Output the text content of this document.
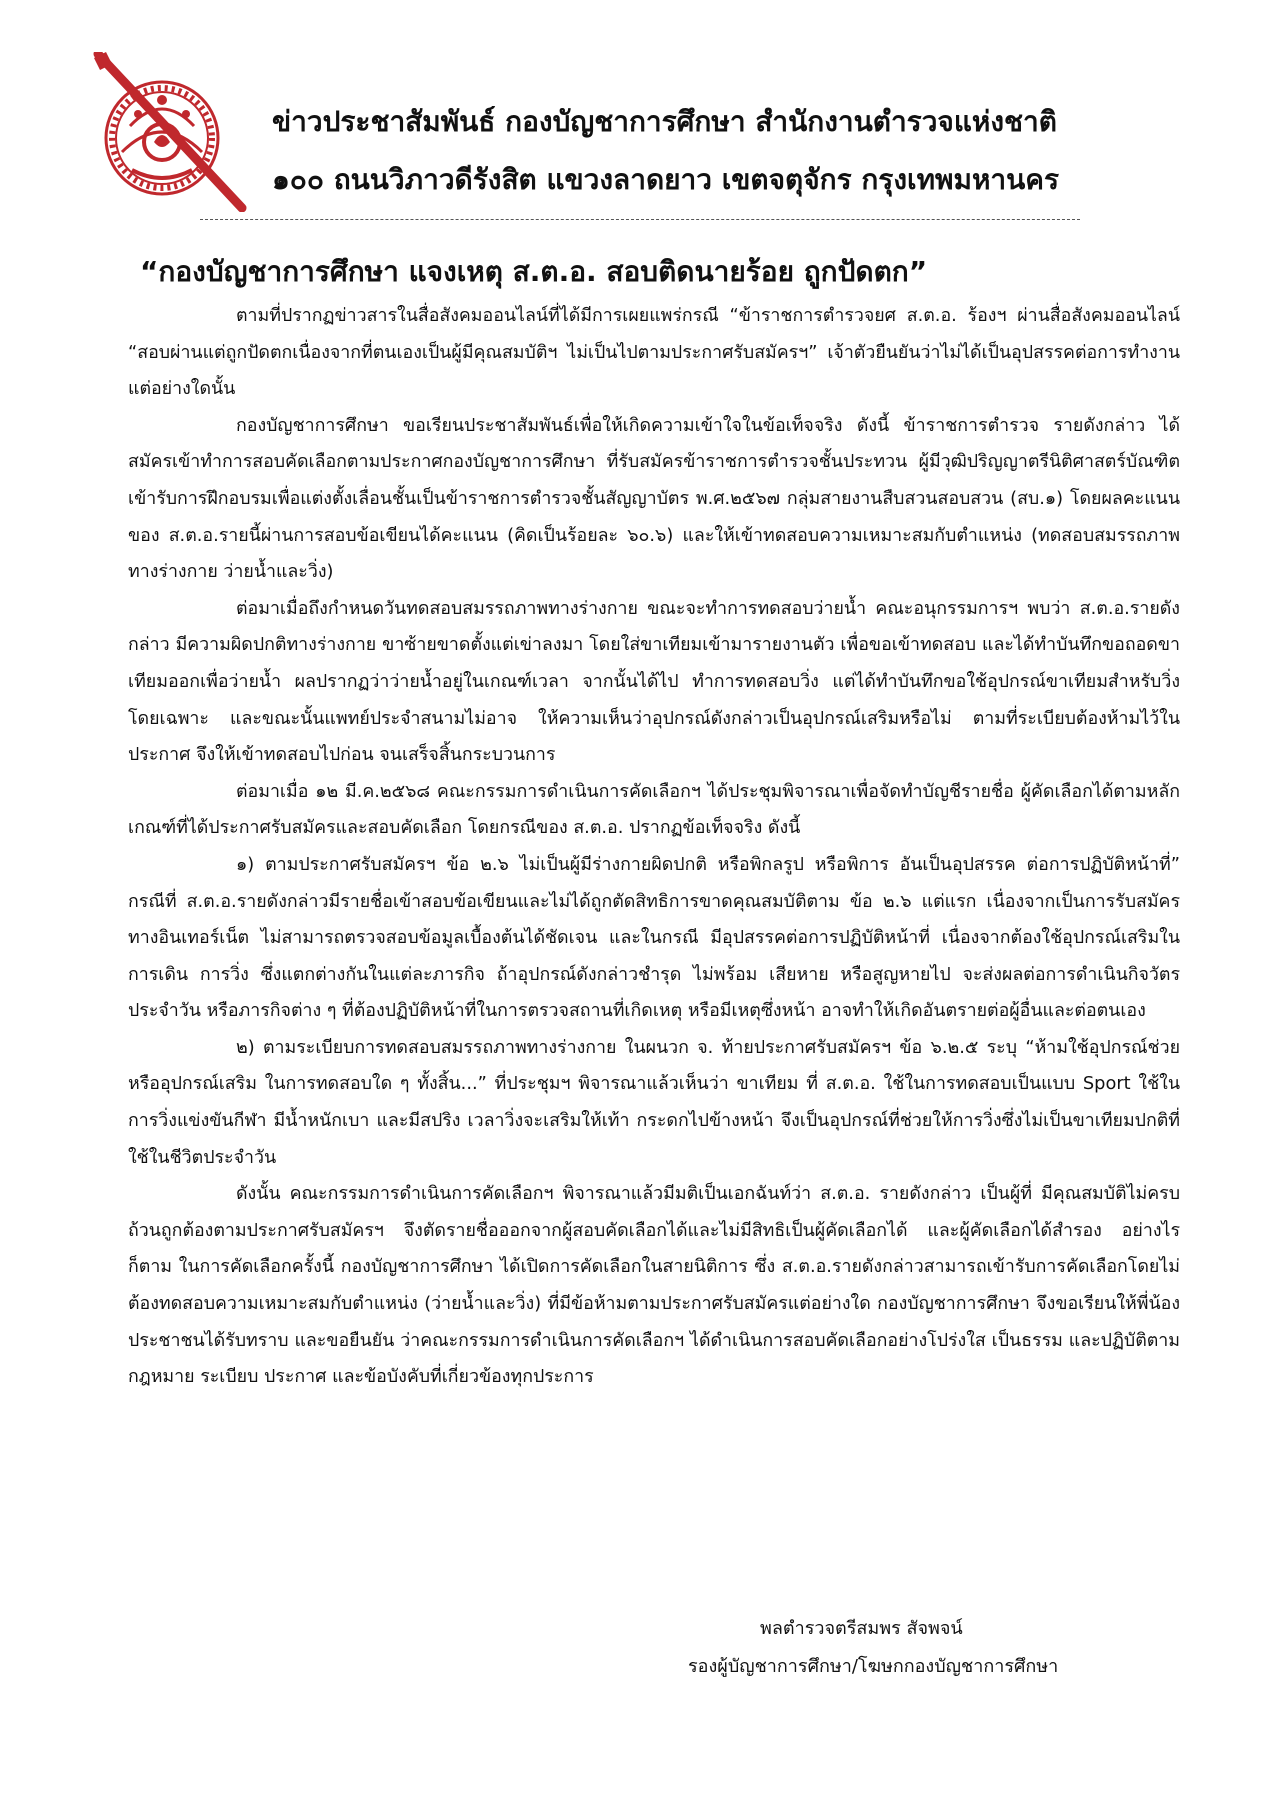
ข่าวประชาสัมพันธ์ กองบัญชาการศึกษา สำนักงานตำรวจแห่งชาติ
๑๐๐ ถนนวิภาวดีรังสิต แขวงลาดยาว เขตจตุจักร กรุงเทพมหานคร
“กองบัญชาการศึกษา แจงเหตุ ส.ต.อ. สอบติดนายร้อย ถูกปัดตก”

ตามที่ปรากฏข่าวสารในสื่อสังคมออนไลน์ที่ได้มีการเผยแพร่กรณี “ข้าราชการตำรวจยศ ส.ต.อ. ร้องฯ ผ่านสื่อสังคมออนไลน์ “สอบผ่านแต่ถูกปัดตกเนื่องจากที่ตนเองเป็นผู้มีคุณสมบัติฯ ไม่เป็นไปตามประกาศรับสมัครฯ” เจ้าตัวยืนยันว่าไม่ได้เป็นอุปสรรคต่อการทำงานแต่อย่างใดนั้น

กองบัญชาการศึกษา ขอเรียนประชาสัมพันธ์เพื่อให้เกิดความเข้าใจในข้อเท็จจริง ดังนี้ ข้าราชการตำรวจ รายดังกล่าว ได้สมัครเข้าทำการสอบคัดเลือกตามประกาศกองบัญชาการศึกษา ที่รับสมัครข้าราชการตำรวจชั้นประทวน ผู้มีวุฒิปริญญาตรีนิติศาสตร์บัณฑิต เข้ารับการฝึกอบรมเพื่อแต่งตั้งเลื่อนชั้นเป็นข้าราชการตำรวจชั้นสัญญาบัตร พ.ศ.๒๕๖๗ กลุ่มสายงานสืบสวนสอบสวน (สบ.๑) โดยผลคะแนนของ ส.ต.อ.รายนี้ผ่านการสอบข้อเขียนได้คะแนน (คิดเป็นร้อยละ ๖๐.๖) และให้เข้าทดสอบความเหมาะสมกับตำแหน่ง (ทดสอบสมรรถภาพทางร่างกาย ว่ายน้ำและวิ่ง)

ต่อมาเมื่อถึงกำหนดวันทดสอบสมรรถภาพทางร่างกาย ขณะจะทำการทดสอบว่ายน้ำ คณะอนุกรรมการฯ พบว่า ส.ต.อ.รายดังกล่าว มีความผิดปกติทางร่างกาย ขาซ้ายขาดตั้งแต่เข่าลงมา โดยใส่ขาเทียมเข้ามารายงานตัว เพื่อขอเข้าทดสอบ และได้ทำบันทึกขอถอดขาเทียมออกเพื่อว่ายน้ำ ผลปรากฏว่าว่ายน้ำอยู่ในเกณฑ์เวลา จากนั้นได้ไป ทำการทดสอบวิ่ง แต่ได้ทำบันทึกขอใช้อุปกรณ์ขาเทียมสำหรับวิ่งโดยเฉพาะ และขณะนั้นแพทย์ประจำสนามไม่อาจ ให้ความเห็นว่าอุปกรณ์ดังกล่าวเป็นอุปกรณ์เสริมหรือไม่ ตามที่ระเบียบต้องห้ามไว้ในประกาศ จึงให้เข้าทดสอบไปก่อน จนเสร็จสิ้นกระบวนการ

ต่อมาเมื่อ ๑๒ มี.ค.๒๕๖๘ คณะกรรมการดำเนินการคัดเลือกฯ ได้ประชุมพิจารณาเพื่อจัดทำบัญชีรายชื่อ ผู้คัดเลือกได้ตามหลักเกณฑ์ที่ได้ประกาศรับสมัครและสอบคัดเลือก โดยกรณีของ ส.ต.อ. ปรากฏข้อเท็จจริง ดังนี้

๑) ตามประกาศรับสมัครฯ ข้อ ๒.๖ ไม่เป็นผู้มีร่างกายผิดปกติ หรือพิกลรูป หรือพิการ อันเป็นอุปสรรค ต่อการปฏิบัติหน้าที่” กรณีที่ ส.ต.อ.รายดังกล่าวมีรายชื่อเข้าสอบข้อเขียนและไม่ได้ถูกตัดสิทธิการขาดคุณสมบัติตาม ข้อ ๒.๖ แต่แรก เนื่องจากเป็นการรับสมัครทางอินเทอร์เน็ต ไม่สามารถตรวจสอบข้อมูลเบื้องต้นได้ชัดเจน และในกรณี มีอุปสรรคต่อการปฏิบัติหน้าที่ เนื่องจากต้องใช้อุปกรณ์เสริมในการเดิน การวิ่ง ซึ่งแตกต่างกันในแต่ละภารกิจ ถ้าอุปกรณ์ดังกล่าวชำรุด ไม่พร้อม เสียหาย หรือสูญหายไป จะส่งผลต่อการดำเนินกิจวัตรประจำวัน หรือภารกิจต่าง ๆ ที่ต้องปฏิบัติหน้าที่ในการตรวจสถานที่เกิดเหตุ หรือมีเหตุซึ่งหน้า อาจทำให้เกิดอันตรายต่อผู้อื่นและต่อตนเอง

๒) ตามระเบียบการทดสอบสมรรถภาพทางร่างกาย ในผนวก จ. ท้ายประกาศรับสมัครฯ ข้อ ๖.๒.๕ ระบุ “ห้ามใช้อุปกรณ์ช่วยหรืออุปกรณ์เสริม ในการทดสอบใด ๆ ทั้งสิ้น...” ที่ประชุมฯ พิจารณาแล้วเห็นว่า ขาเทียม ที่ ส.ต.อ. ใช้ในการทดสอบเป็นแบบ Sport ใช้ในการวิ่งแข่งขันกีฬา มีน้ำหนักเบา และมีสปริง เวลาวิ่งจะเสริมให้เท้า กระดกไปข้างหน้า จึงเป็นอุปกรณ์ที่ช่วยให้การวิ่งซึ่งไม่เป็นขาเทียมปกติที่ใช้ในชีวิตประจำวัน

ดังนั้น คณะกรรมการดำเนินการคัดเลือกฯ พิจารณาแล้วมีมติเป็นเอกฉันท์ว่า ส.ต.อ. รายดังกล่าว เป็นผู้ที่ มีคุณสมบัติไม่ครบถ้วนถูกต้องตามประกาศรับสมัครฯ จึงตัดรายชื่อออกจากผู้สอบคัดเลือกได้และไม่มีสิทธิเป็นผู้คัดเลือกได้ และผู้คัดเลือกได้สำรอง อย่างไรก็ตาม ในการคัดเลือกครั้งนี้ กองบัญชาการศึกษา ได้เปิดการคัดเลือกในสายนิติการ ซึ่ง ส.ต.อ.รายดังกล่าวสามารถเข้ารับการคัดเลือกโดยไม่ต้องทดสอบความเหมาะสมกับตำแหน่ง (ว่ายน้ำและวิ่ง) ที่มีข้อห้ามตามประกาศรับสมัครแต่อย่างใด กองบัญชาการศึกษา จึงขอเรียนให้พี่น้องประชาชนได้รับทราบ และขอยืนยัน ว่าคณะกรรมการดำเนินการคัดเลือกฯ ได้ดำเนินการสอบคัดเลือกอย่างโปร่งใส เป็นธรรม และปฏิบัติตามกฎหมาย ระเบียบ ประกาศ และข้อบังคับที่เกี่ยวข้องทุกประการ

พลตำรวจตรีสมพร สัจพจน์
รองผู้บัญชาการศึกษา/โฆษกกองบัญชาการศึกษา
